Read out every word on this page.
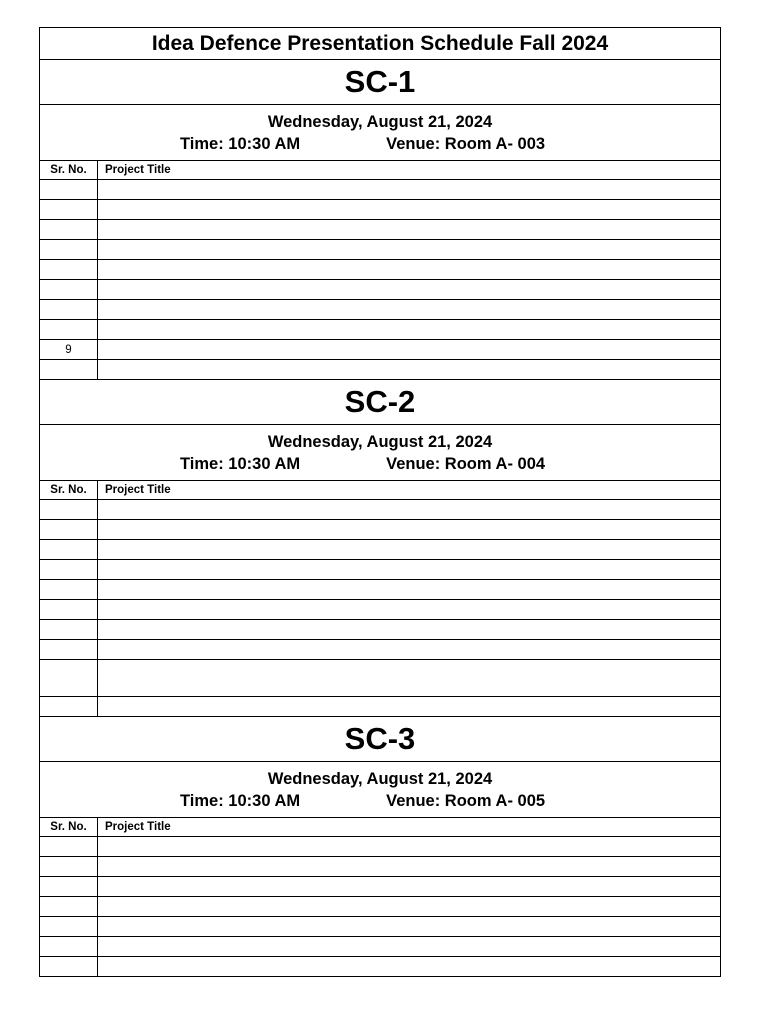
Idea Defence Presentation Schedule Fall 2024
SC-1
Wednesday, August 21, 2024
Time: 10:30 AM	Venue: Room A- 003
Sr. No.	Project Title
9
SC-2
Wednesday, August 21, 2024
Time: 10:30 AM	Venue: Room A- 004
Sr. No.	Project Title
SC-3
Wednesday, August 21, 2024
Time: 10:30 AM	Venue: Room A- 005
Sr. No.	Project Title
